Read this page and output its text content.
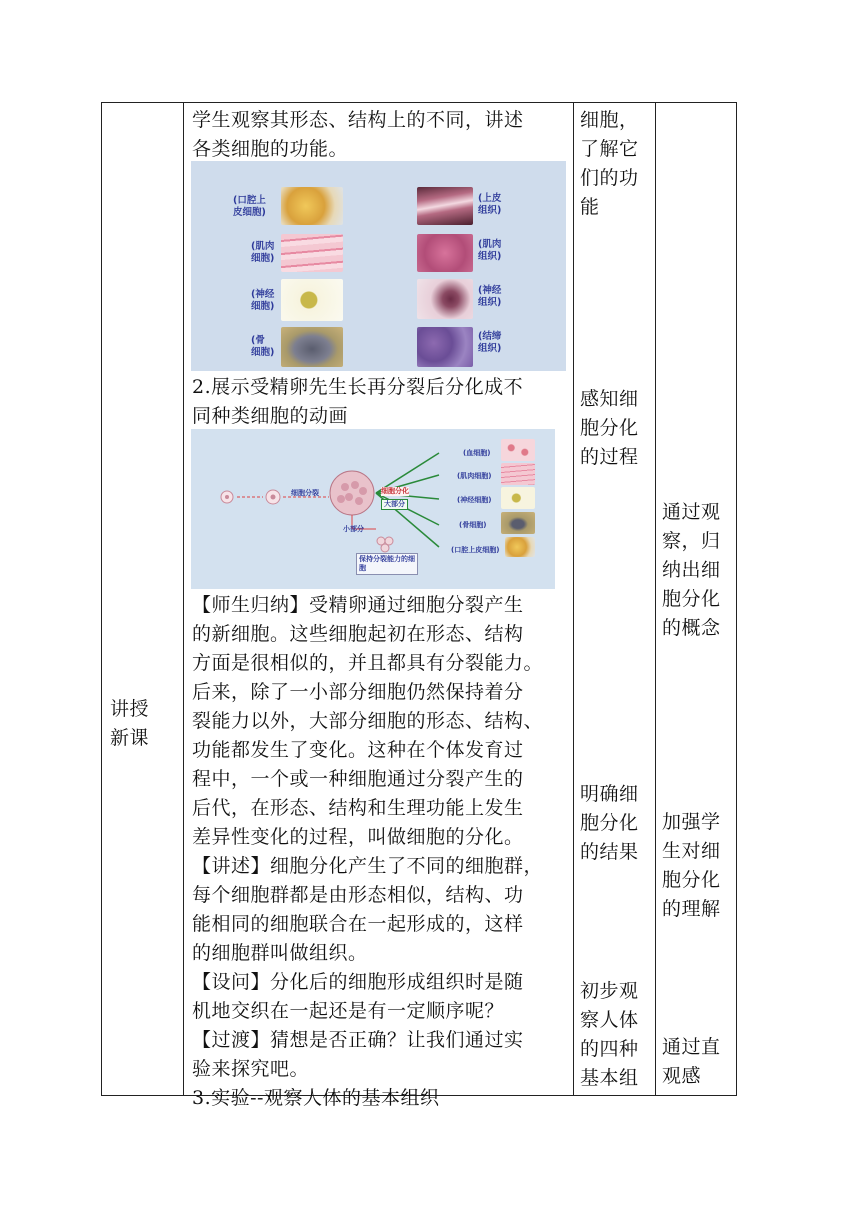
讲授
新课
学生观察其形态、结构上的不同，讲述
各类细胞的功能。
(口腔上
皮细胞)
(上皮
组织)
(肌肉
细胞)
(肌肉
组织)
(神经
细胞)
(神经
组织)
(骨
细胞)
(结缔
组织)
2.展示受精卵先生长再分裂后分化成不
同种类细胞的动画
细胞分裂	细胞分化
大部分
小部分
保持分裂能力的细
胞
(血细胞)
(肌肉细胞)
(神经细胞)
(骨细胞)
(口腔上皮细胞)
【师生归纳】受精卵通过细胞分裂产生
的新细胞。这些细胞起初在形态、结构
方面是很相似的，并且都具有分裂能力。
后来，除了一小部分细胞仍然保持着分
裂能力以外，大部分细胞的形态、结构、
功能都发生了变化。这种在个体发育过
程中，一个或一种细胞通过分裂产生的
后代，在形态、结构和生理功能上发生
差异性变化的过程，叫做细胞的分化。
【讲述】细胞分化产生了不同的细胞群，
每个细胞群都是由形态相似，结构、功
能相同的细胞联合在一起形成的，这样
的细胞群叫做组织。
【设问】分化后的细胞形成组织时是随
机地交织在一起还是有一定顺序呢？
【过渡】猜想是否正确？让我们通过实
验来探究吧。
3.实验--观察人体的基本组织
细胞，
了解它
们的功
能
感知细
胞分化
的过程
明确细
胞分化
的结果
初步观
察人体
的四种
基本组
通过观
察，归
纳出细
胞分化
的概念
加强学
生对细
胞分化
的理解
通过直
观感
